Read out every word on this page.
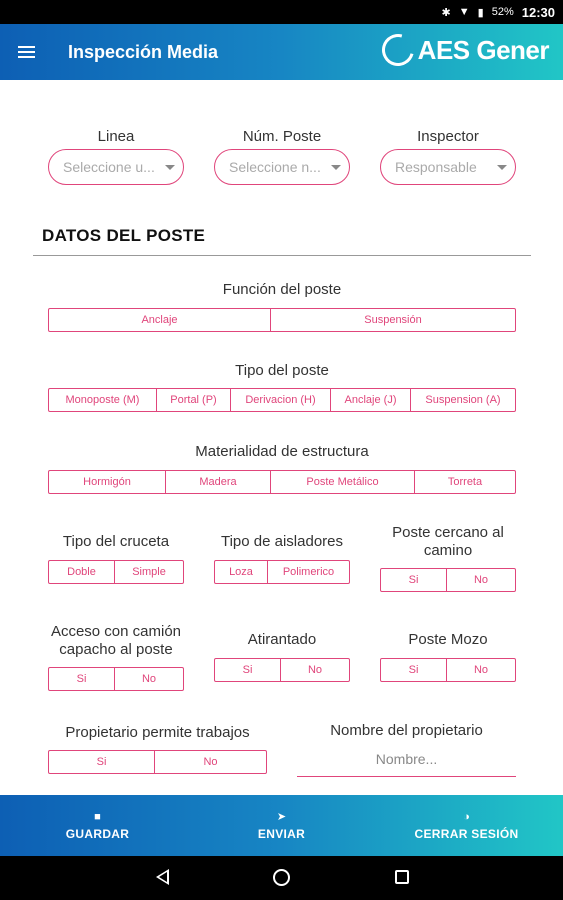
✱ ▼ ▮ 52% 12:30
Inspección Media	AES Gener
Linea
Seleccione u...
Núm. Poste
Seleccione n...
Inspector
Responsable
DATOS DEL POSTE
Función del poste
Anclaje	Suspensión
Tipo del poste
Monoposte (M)	Portal (P)	Derivacion (H)	Anclaje (J)	Suspension (A)
Materialidad de estructura
Hormigón	Madera	Poste Metálico	Torreta
Tipo del cruceta
Doble	Simple
Tipo de aisladores
Loza	Polimerico
Poste cercano al camino
Si	No
Acceso con camión capacho al poste
Si	No
Atirantado
Si	No
Poste Mozo
Si	No
Propietario permite trabajos
Si	No
Nombre del propietario
Nombre...
■
GUARDAR
➤
ENVIAR
◑
CERRAR SESIÓN
